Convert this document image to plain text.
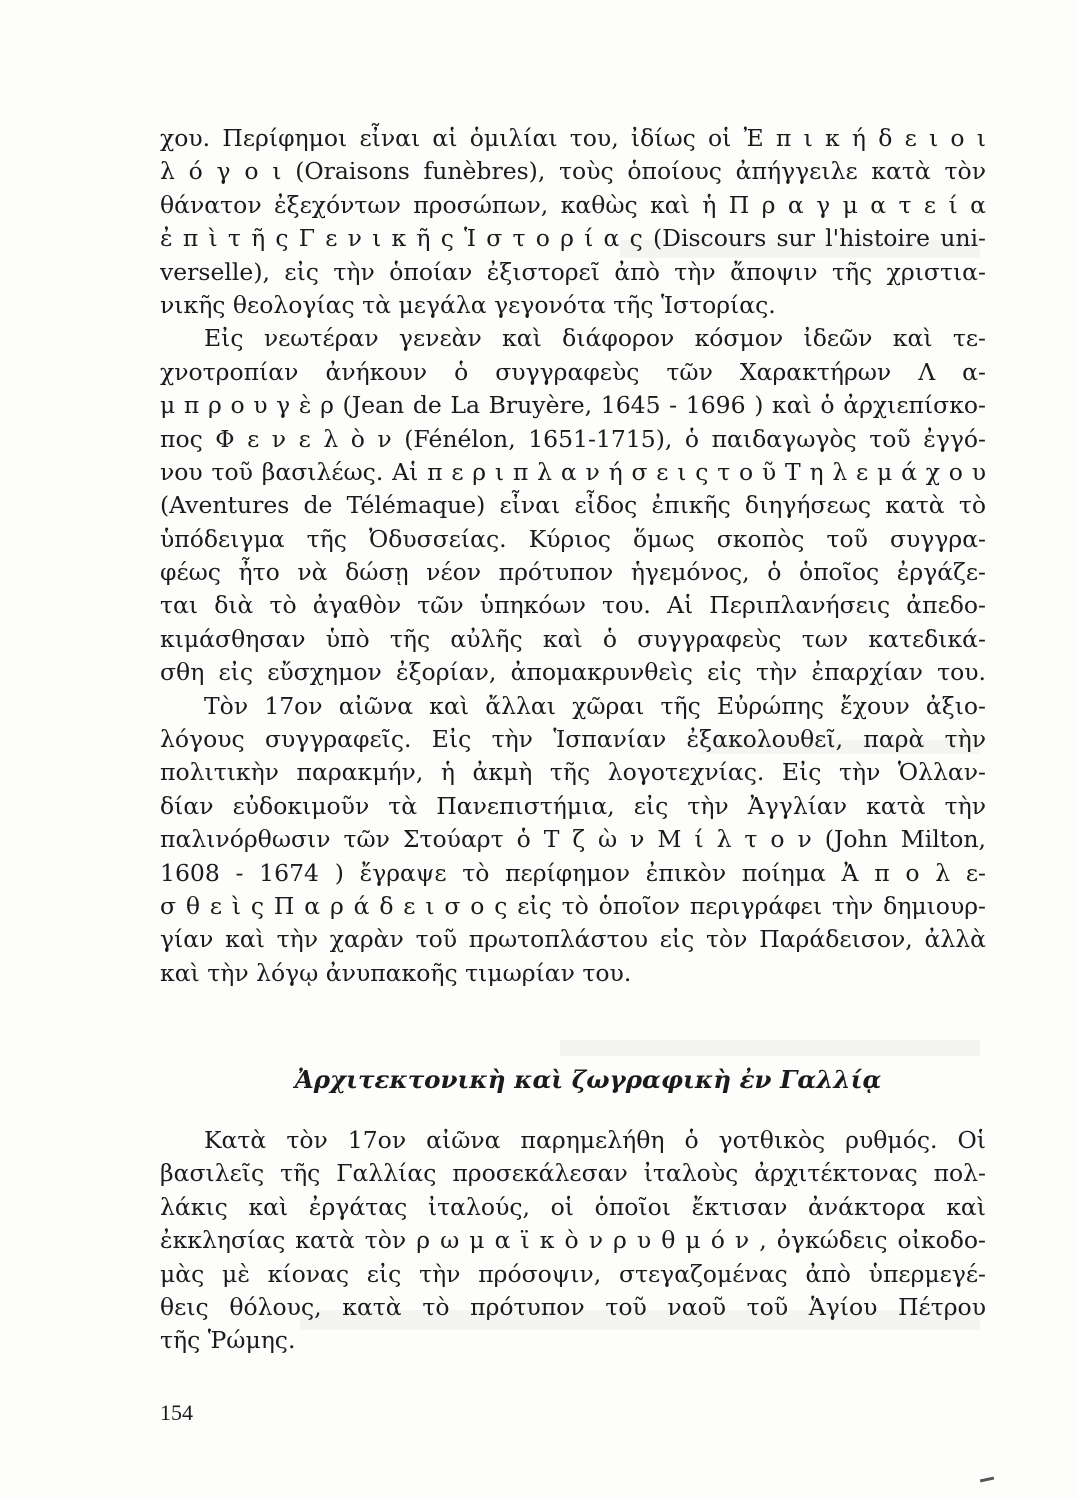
χου. Περίφημοι εἶναι αἱ ὁμιλίαι του, ἰδίως οἱ Ἐ π ι κ ή δ ε ι ο ι
λ ό γ ο ι (Oraisons funèbres), τοὺς ὁποίους ἀπήγγειλε κατὰ τὸν
θάνατον ἐξεχόντων προσώπων, καθὼς καὶ ἡ Π ρ α γ μ α τ ε ί α
ἐ π ὶ τ ῆ ς Γ ε ν ι κ ῆ ς Ἱ σ τ ο ρ ί α ς (Discours sur l'histoire uni-
verselle), εἰς τὴν ὁποίαν ἐξιστορεῖ ἀπὸ τὴν ἄποψιν τῆς χριστια-
νικῆς θεολογίας τὰ μεγάλα γεγονότα τῆς Ἱστορίας.
Εἰς νεωτέραν γενεὰν καὶ διάφορον κόσμον ἰδεῶν καὶ τε-
χνοτροπίαν ἀνήκουν ὁ συγγραφεὺς τῶν Χαρακτήρων Λ α-
μ π ρ ο υ γ ὲ ρ (Jean de La Bruyère, 1645 - 1696 ) καὶ ὁ ἀρχιεπίσκο-
πος Φ ε ν ε λ ὸ ν (Fénélon, 1651-1715), ὁ παιδαγωγὸς τοῦ ἐγγό-
νου τοῦ βασιλέως. Αἱ π ε ρ ι π λ α ν ή σ ε ι ς τ ο ῦ Τ η λ ε μ ά χ ο υ
(Aventures de Télémaque) εἶναι εἶδος ἐπικῆς διηγήσεως κατὰ τὸ
ὑπόδειγμα τῆς Ὀδυσσείας. Κύριος ὅμως σκοπὸς τοῦ συγγρα-
φέως ἦτο νὰ δώσῃ νέον πρότυπον ἡγεμόνος, ὁ ὁποῖος ἐργάζε-
ται διὰ τὸ ἀγαθὸν τῶν ὑπηκόων του. Αἱ Περιπλανήσεις ἀπεδο-
κιμάσθησαν ὑπὸ τῆς αὐλῆς καὶ ὁ συγγραφεὺς των κατεδικά-
σθη εἰς εὔσχημον ἐξορίαν, ἀπομακρυνθεὶς εἰς τὴν ἐπαρχίαν του.
Τὸν 17ον αἰῶνα καὶ ἄλλαι χῶραι τῆς Εὐρώπης ἔχουν ἀξιο-
λόγους συγγραφεῖς. Εἰς τὴν Ἱσπανίαν ἐξακολουθεῖ, παρὰ τὴν
πολιτικὴν παρακμήν, ἡ ἀκμὴ τῆς λογοτεχνίας. Εἰς τὴν Ὁλλαν-
δίαν εὐδοκιμοῦν τὰ Πανεπιστήμια, εἰς τὴν Ἀγγλίαν κατὰ τὴν
παλινόρθωσιν τῶν Στούαρτ ὁ Τ ζ ὼ ν Μ ί λ τ ο ν (John Milton,
1608 - 1674 ) ἔγραψε τὸ περίφημον ἐπικὸν ποίημα Ἀ π ο λ ε-
σ θ ε ὶ ς Π α ρ ά δ ε ι σ ο ς εἰς τὸ ὁποῖον περιγράφει τὴν δημιουρ-
γίαν καὶ τὴν χαρὰν τοῦ πρωτοπλάστου εἰς τὸν Παράδεισον, ἀλλὰ
καὶ τὴν λόγῳ ἀνυπακοῆς τιμωρίαν του.
Ἀρχιτεκτονικὴ καὶ ζωγραφικὴ ἐν Γαλλίᾳ
Κατὰ τὸν 17ον αἰῶνα παρημελήθη ὁ γοτθικὸς ρυθμός. Οἱ
βασιλεῖς τῆς Γαλλίας προσεκάλεσαν ἰταλοὺς ἀρχιτέκτονας πολ-
λάκις καὶ ἐργάτας ἰταλούς, οἱ ὁποῖοι ἔκτισαν ἀνάκτορα καὶ
ἐκκλησίας κατὰ τὸν ρ ω μ α ϊ κ ὸ ν ρ υ θ μ ό ν , ὀγκώδεις οἰκοδο-
μὰς μὲ κίονας εἰς τὴν πρόσοψιν, στεγαζομένας ἀπὸ ὑπερμεγέ-
θεις θόλους, κατὰ τὸ πρότυπον τοῦ ναοῦ τοῦ Ἁγίου Πέτρου
τῆς Ῥώμης.
154
